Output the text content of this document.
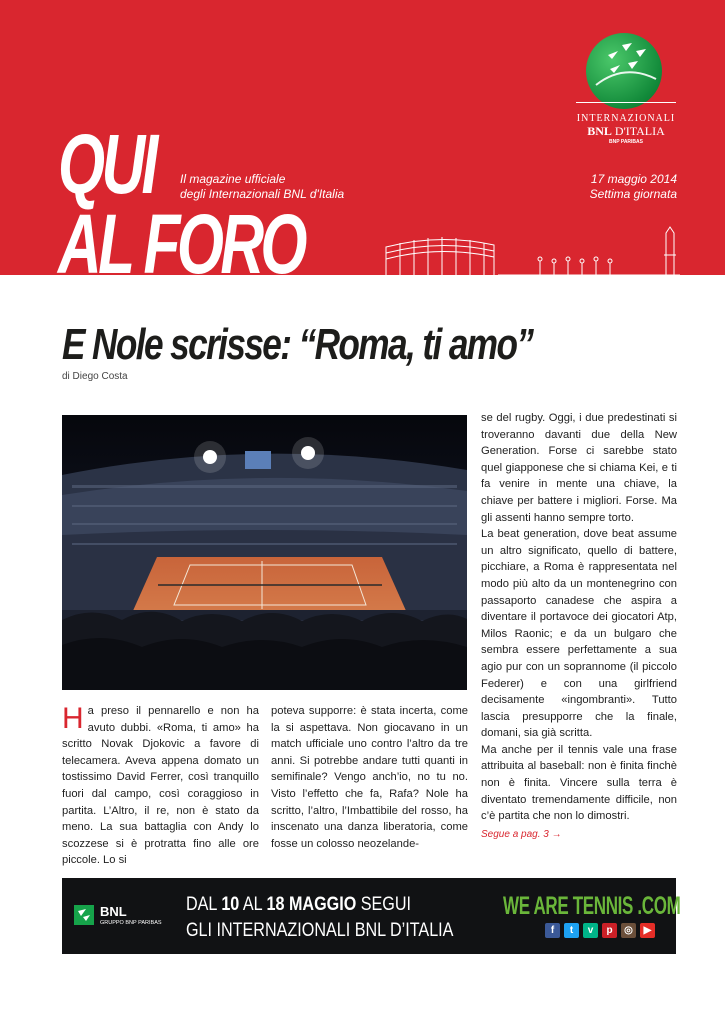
QUI
AL FORO
Il magazine ufficiale
degli Internazionali BNL d'Italia
17 maggio 2014
Settima giornata
INTERNAZIONALI
BNL D'ITALIA
BNP PARIBAS
E Nole scrisse: “Roma, ti amo”
di Diego Costa
H a preso il pennarello e non ha avuto dubbi. «Roma, ti amo» ha scritto Novak Djokovic a favore di telecamera. Aveva appena domato un tostissimo David Ferrer, così tranquillo fuori dal campo, così coraggioso in partita. L’Altro, il re, non è stato da meno. La sua battaglia con Andy lo scozzese si è protratta fino alle ore piccole. Lo si

poteva supporre: è stata incerta, come la si aspettava. Non giocavano in un match ufficiale uno contro l’altro da tre anni. Si potrebbe andare tutti quanti in semifinale? Vengo anch’io, no tu no. Visto l’effetto che fa, Rafa? Nole ha scritto, l’altro, l’Imbattibile del rosso, ha inscenato una danza liberatoria, come fosse un colosso neozelande-

se del rugby. Oggi, i due predestinati si troveranno davanti due della New Generation. Forse ci sarebbe stato quel giapponese che si chiama Kei, e ti fa venire in mente una chiave, la chiave per battere i migliori. Forse. Ma gli assenti hanno sempre torto.

La beat generation, dove beat assume un altro significato, quello di battere, picchiare, a Roma è rappresentata nel modo più alto da un montenegrino con passaporto canadese che aspira a diventare il portavoce dei giocatori Atp, Milos Raonic; e da un bulgaro che sembra essere perfettamente a sua agio pur con un soprannome (il piccolo Federer) e con una girlfriend decisamente «ingombranti». Tutto lascia presupporre che la finale, domani, sia già scritta.

Ma anche per il tennis vale una frase attribuita al baseball: non è finita finchè non è finita. Vincere sulla terra è diventato tremendamente difficile, non c’è partita che non lo dimostri.

Segue a pag. 3 →
BNL
GRUPPO BNP PARIBAS
DAL 10 AL 18 MAGGIO SEGUI
GLI INTERNAZIONALI BNL D’ITALIA
WE ARE TENNIS .COM
f	t	v	p	◎	▶
